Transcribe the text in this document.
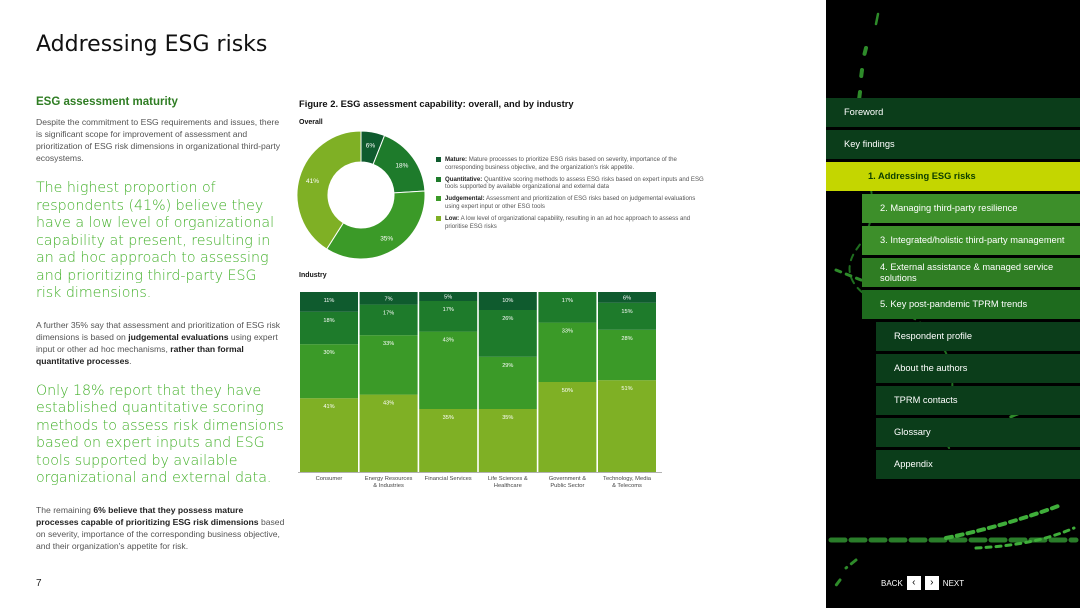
Addressing ESG risks
ESG assessment maturity

Despite the commitment to ESG requirements and issues, there is significant scope for improvement of assessment and prioritization of ESG risk dimensions in organizational third-party ecosystems.

The highest proportion of respondents (41%) believe they have a low level of organizational capability at present, resulting in an ad hoc approach to assessing and prioritizing third-party ESG risk dimensions.

A further 35% say that assessment and prioritization of ESG risk dimensions is based on judgemental evaluations using expert input or other ad hoc mechanisms, rather than formal quantitative processes.

Only 18% report that they have established quantitative scoring methods to assess risk dimensions based on expert inputs and ESG tools supported by available organizational and external data.

The remaining 6% believe that they possess mature processes capable of prioritizing ESG risk dimensions based on severity, importance of the corresponding business objective, and their organization's appetite for risk.

7
Figure 2. ESG assessment capability: overall, and by industry
Overall
Industry
6%
18%
35%
41%
Mature: Mature processes to prioritize ESG risks based on severity, importance of the corresponding business objective, and the organization's risk appetite.
Quantitative: Quantitive scoring methods to assess ESG risks based on expert inputs and ESG tools supported by available organizational and external data
Judgemental: Assessment and prioritization of ESG risks based on judgemental evaluations using expert input or other ESG tools
Low: A low level of organizational capability, resulting in an ad hoc approach to assess and prioritise ESG risks
41%
30%
18%
11%
Consumer
43%
33%
17%
7%
Energy Resources
& Industries
35%
43%
17%
5%
Financial Services
35%
29%
26%
10%
Life Sciences &
Healthcare
50%
33%
17%
Government &
Public Sector
51%
28%
15%
6%
Technology, Media
& Telecoms
Foreword
Key findings
1. Addressing ESG risks
2. Managing third-party resilience
3. Integrated/holistic third-party management
4. External assistance & managed service solutions
5. Key post-pandemic TPRM trends
Respondent profile
About the authors
TPRM contacts
Glossary
Appendix
BACK ‹	›	NEXT
